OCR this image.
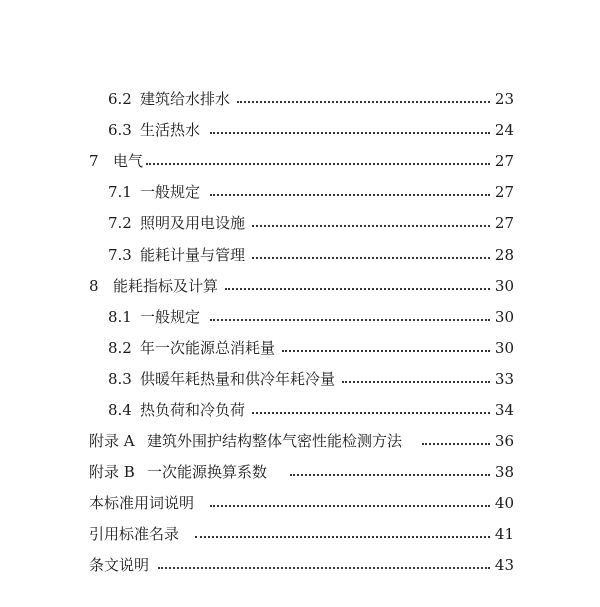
6.2 建筑给水排水	23
6.3 生活热水	24
7 电气	27
7.1 一般规定	27
7.2 照明及用电设施	27
7.3 能耗计量与管理	28
8 能耗指标及计算	30
8.1 一般规定	30
8.2 年一次能源总消耗量	30
8.3 供暖年耗热量和供冷年耗冷量	33
8.4 热负荷和冷负荷	34
附录 A 建筑外围护结构整体气密性能检测方法	36
附录 B 一次能源换算系数	38
本标准用词说明	40
引用标准名录	41
条文说明	43
